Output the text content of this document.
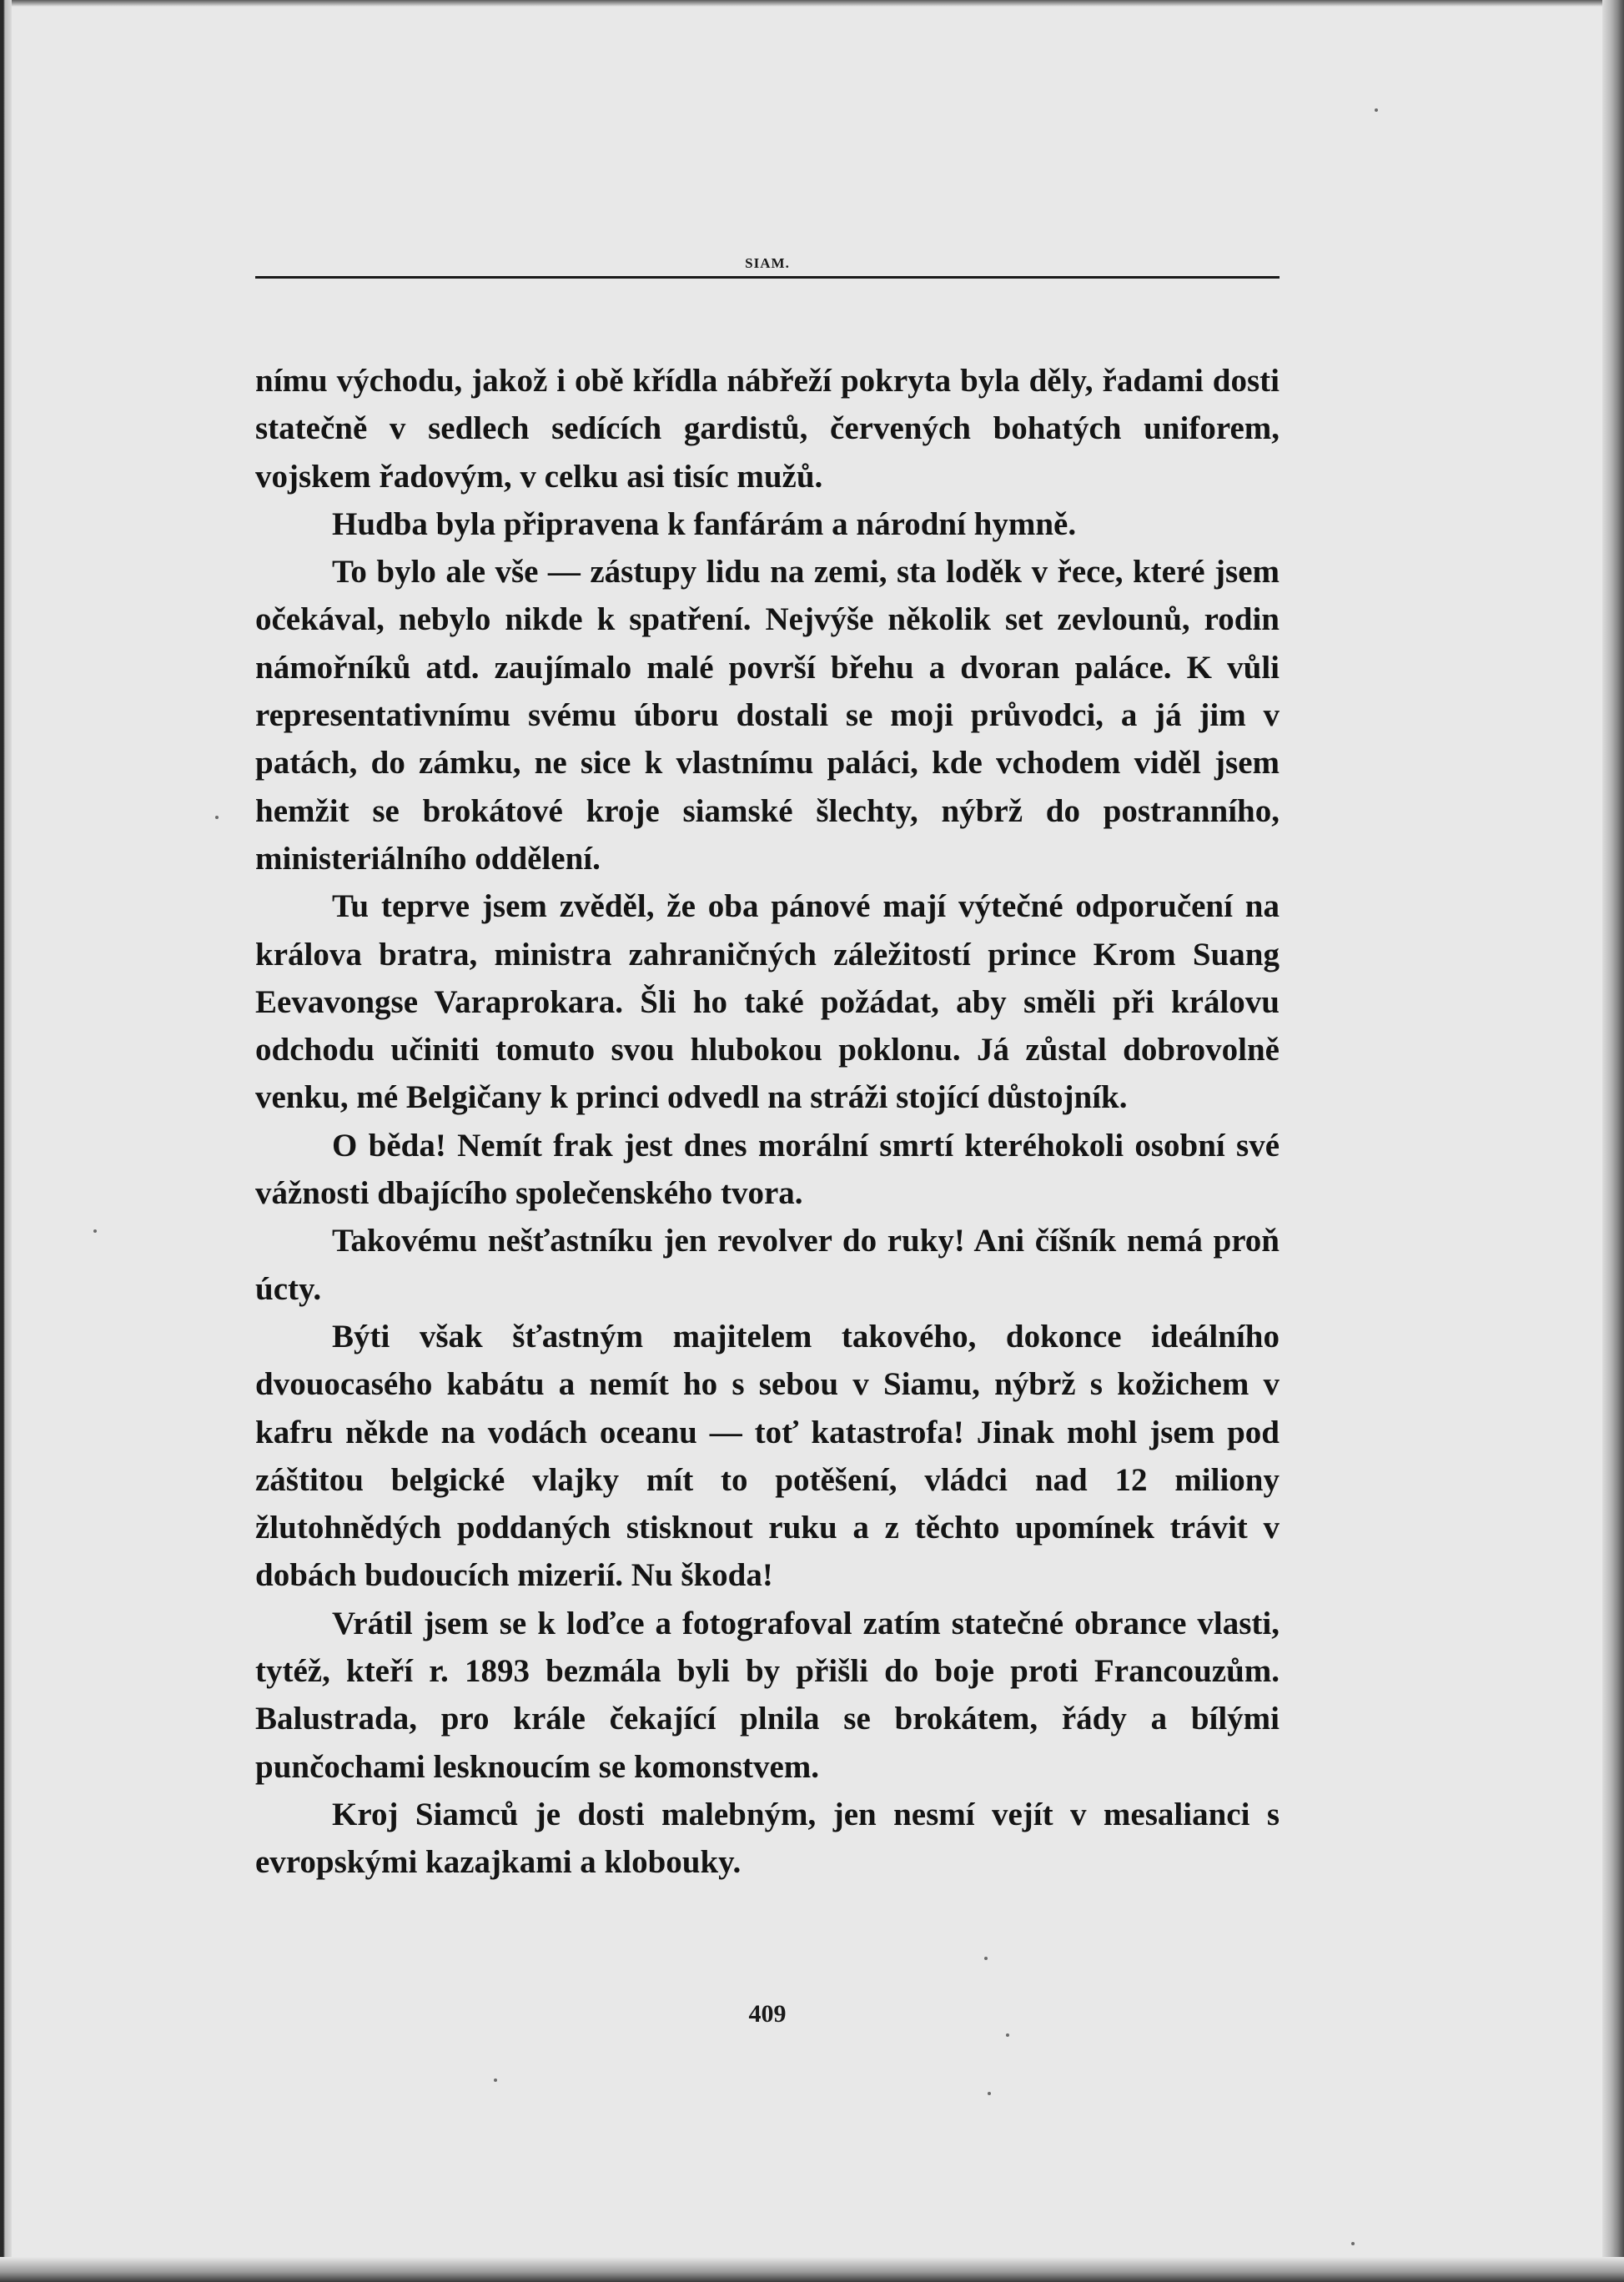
SIAM.

nímu východu, jakož i obě křídla nábřeží pokryta byla děly, řadami dosti statečně v sedlech sedících gardistů, červených bohatých uniforem, vojskem řadovým, v celku asi tisíc mužů.

Hudba byla připravena k fanfárám a národní hymně.

To bylo ale vše — zástupy lidu na zemi, sta loděk v řece, které jsem očekával, nebylo nikde k spatření. Nejvýše několik set zevlounů, rodin námořníků atd. zaujímalo malé površí břehu a dvoran paláce. K vůli representativnímu svému úboru dostali se moji průvodci, a já jim v patách, do zámku, ne sice k vlastnímu paláci, kde vchodem viděl jsem hemžit se brokátové kroje siamské šlechty, nýbrž do postranního, ministeriálního oddělení.

Tu teprve jsem zvěděl, že oba pánové mají výtečné odporučení na králova bratra, ministra zahraničných záležitostí prince Krom Suang Eevavongse Varaprokara. Šli ho také požádat, aby směli při královu odchodu učiniti tomuto svou hlubokou poklonu. Já zůstal dobrovolně venku, mé Belgičany k princi odvedl na stráži stojící důstojník.

O běda! Nemít frak jest dnes morální smrtí kteréhokoli osobní své vážnosti dbajícího společenského tvora.

Takovému nešťastníku jen revolver do ruky! Ani číšník nemá proň úcty.

Býti však šťastným majitelem takového, dokonce ideálního dvouocasého kabátu a nemít ho s sebou v Siamu, nýbrž s kožichem v kafru někde na vodách oceanu — toť katastrofa! Jinak mohl jsem pod záštitou belgické vlajky mít to potěšení, vládci nad 12 miliony žlutohnědých poddaných stisknout ruku a z těchto upomínek trávit v dobách budoucích mizerií. Nu škoda!

Vrátil jsem se k loďce a fotografoval zatím statečné obrance vlasti, tytéž, kteří r. 1893 bezmála byli by přišli do boje proti Francouzům. Balustrada, pro krále čekající plnila se brokátem, řády a bílými punčochami lesknoucím se komonstvem.

Kroj Siamců je dosti malebným, jen nesmí vejít v mesalianci s evropskými kazajkami a klobouky.

409
